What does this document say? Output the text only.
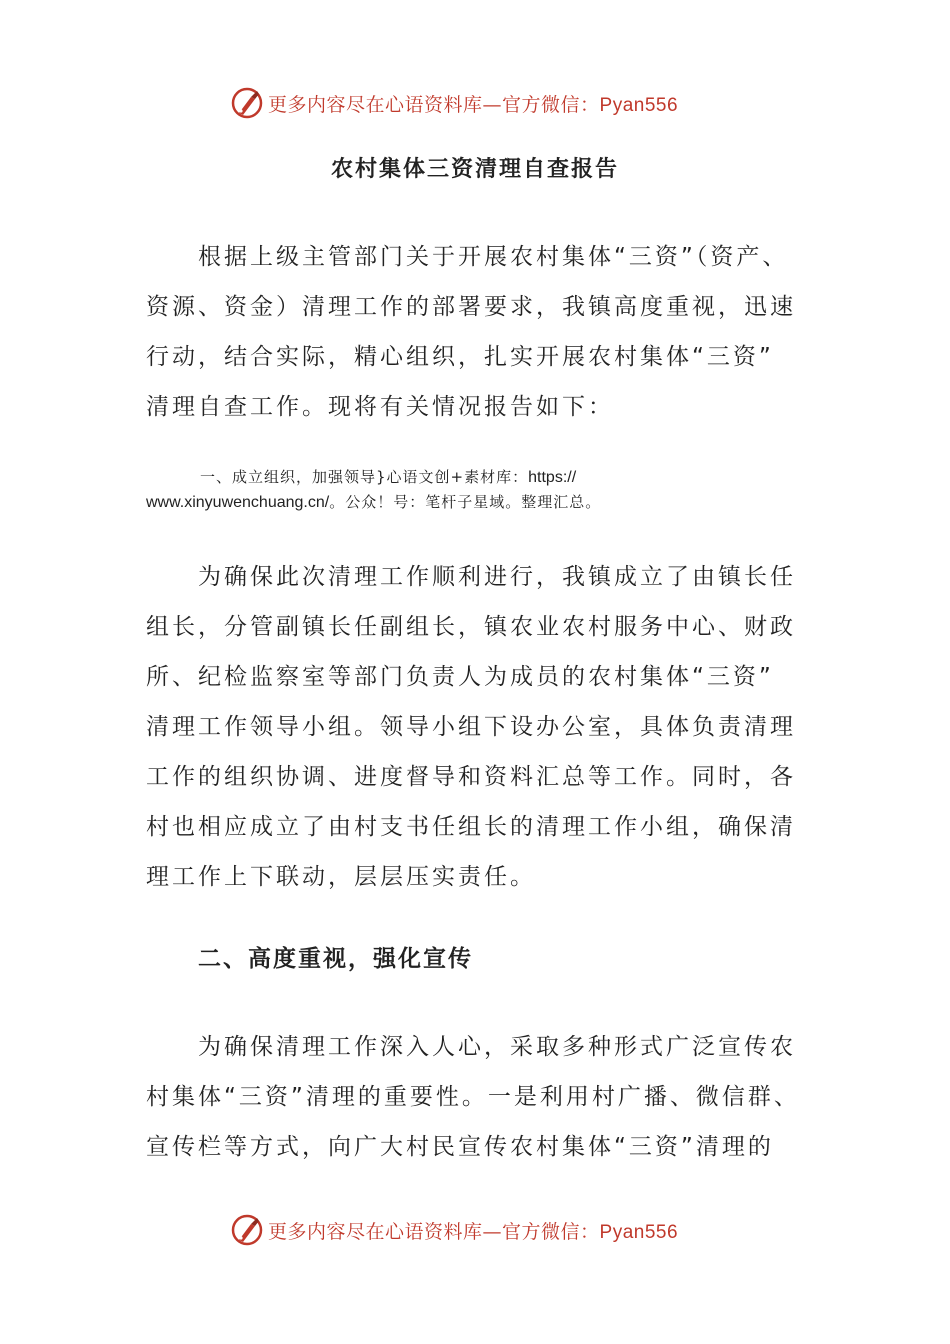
更多内容尽在心语资料库—官方微信：Pyan556
农村集体三资清理自查报告
根据上级主管部门关于开展农村集体“三资”（资产、
资源、资金）清理工作的部署要求，我镇高度重视，迅速
行动，结合实际，精心组织，扎实开展农村集体“三资”
清理自查工作。现将有关情况报告如下：
一、成立组织，加强领导}心语文创+素材库：https://
www.xinyuwenchuang.cn/。公众！号：笔杆子星域。整理汇总。
为确保此次清理工作顺利进行，我镇成立了由镇长任
组长，分管副镇长任副组长，镇农业农村服务中心、财政
所、纪检监察室等部门负责人为成员的农村集体“三资”
清理工作领导小组。领导小组下设办公室，具体负责清理
工作的组织协调、进度督导和资料汇总等工作。同时，各
村也相应成立了由村支书任组长的清理工作小组，确保清
理工作上下联动，层层压实责任。
二、高度重视，强化宣传
为确保清理工作深入人心，采取多种形式广泛宣传农
村集体“三资”清理的重要性。一是利用村广播、微信群、
宣传栏等方式，向广大村民宣传农村集体“三资”清理的
更多内容尽在心语资料库—官方微信：Pyan556
